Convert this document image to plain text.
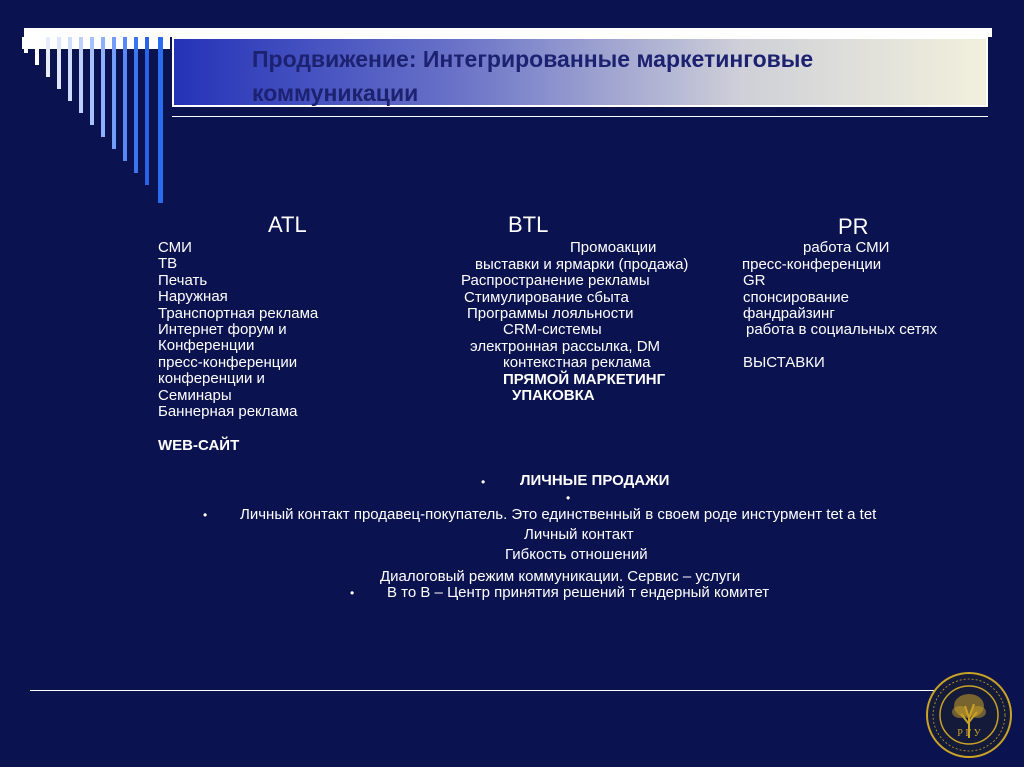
Продвижение: Интегрированные маркетинговые
коммуникации
ATL
СМИ
ТВ
Печать
Наружная
Транспортная реклама
Интернет форум и
Конференции
пресс-конференции
конференции и
Семинары
Баннерная реклама
WEB-САЙТ
BTL
Промоакции
выставки и ярмарки (продажа)
Распространение рекламы
Стимулирование сбыта
Программы лояльности
CRM-системы
электронная рассылка, DM
контекстная реклама
ПРЯМОЙ МАРКЕТИНГ
УПАКОВКА
PR
работа СМИ
пресс-конференции
GR
спонсирование
фандрайзинг
работа в социальных сетях
ВЫСТАВКИ
• ЛИЧНЫЕ ПРОДАЖИ
•
• Личный контакт продавец-покупатель. Это единственный в своем роде инстурмент tet a tet
Личный контакт
Гибкость отношений
Диалоговый режим коммуникации. Сервис – услуги
• В то В – Центр принятия решений т ендерный комитет
Р Г У
